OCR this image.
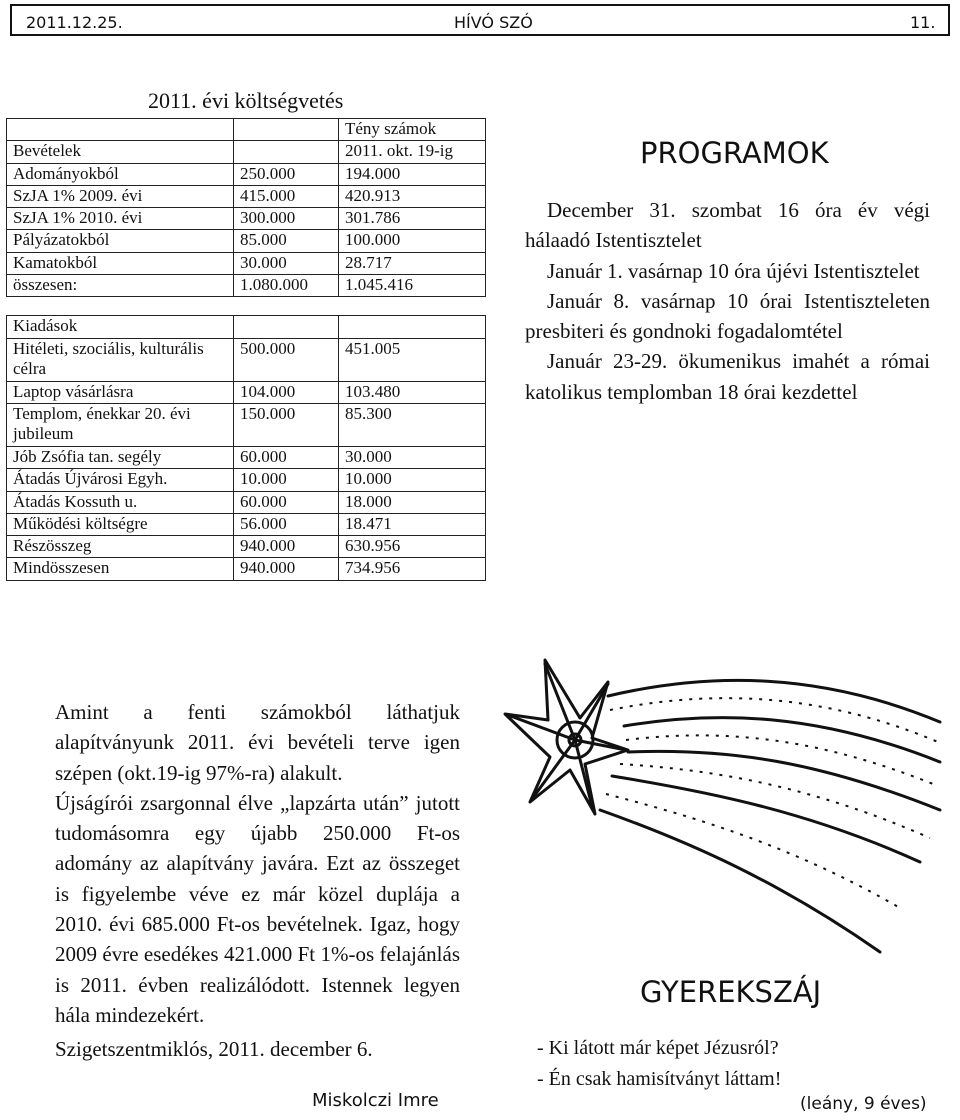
2011.12.25.	HÍVÓ SZÓ	11.
2011. évi költségvetés
		Tény számok
Bevételek		2011. okt. 19-ig
Adományokból	250.000	194.000
SzJA 1% 2009. évi	415.000	420.913
SzJA 1% 2010. évi	300.000	301.786
Pályázatokból	85.000	100.000
Kamatokból	30.000	28.717
összesen:	1.080.000	1.045.416

Kiadások		
Hitéleti, szociális, kulturális célra	500.000	451.005
Laptop vásárlásra	104.000	103.480
Templom, énekkar 20. évi jubileum	150.000	85.300
Jób Zsófia tan. segély	60.000	30.000
Átadás Újvárosi Egyh.	10.000	10.000
Átadás Kossuth u.	60.000	18.000
Működési költségre	56.000	18.471
Részösszeg	940.000	630.956
Mindösszesen	940.000	734.956
PROGRAMOK

December 31. szombat 16 óra év végi hálaadó Istentisztelet

Január 1. vasárnap 10 óra újévi Istentisztelet

Január 8. vasárnap 10 órai Istentiszteleten presbiteri és gondnoki fogadalomtétel

Január 23-29. ökumenikus imahét a római katolikus templomban 18 órai kezdettel

Amint a fenti számokból láthatjuk alapítványunk 2011. évi bevételi terve igen szépen (okt.19-ig 97%-ra) alakult.

Újságírói zsargonnal élve „lapzárta után” jutott tudomásomra egy újabb 250.000 Ft-os adomány az alapítvány javára. Ezt az összeget is figyelembe véve ez már közel duplája a 2010. évi 685.000 Ft-os bevételnek. Igaz, hogy 2009 évre esedékes 421.000 Ft 1%-os felajánlás is 2011. évben realizálódott. Istennek legyen hála mindezekért.

Szigetszentmiklós, 2011. december 6.

Miskolczi Imre
GYEREKSZÁJ
- Ki látott már képet Jézusról?
- Én csak hamisítványt láttam!
(leány, 9 éves)
